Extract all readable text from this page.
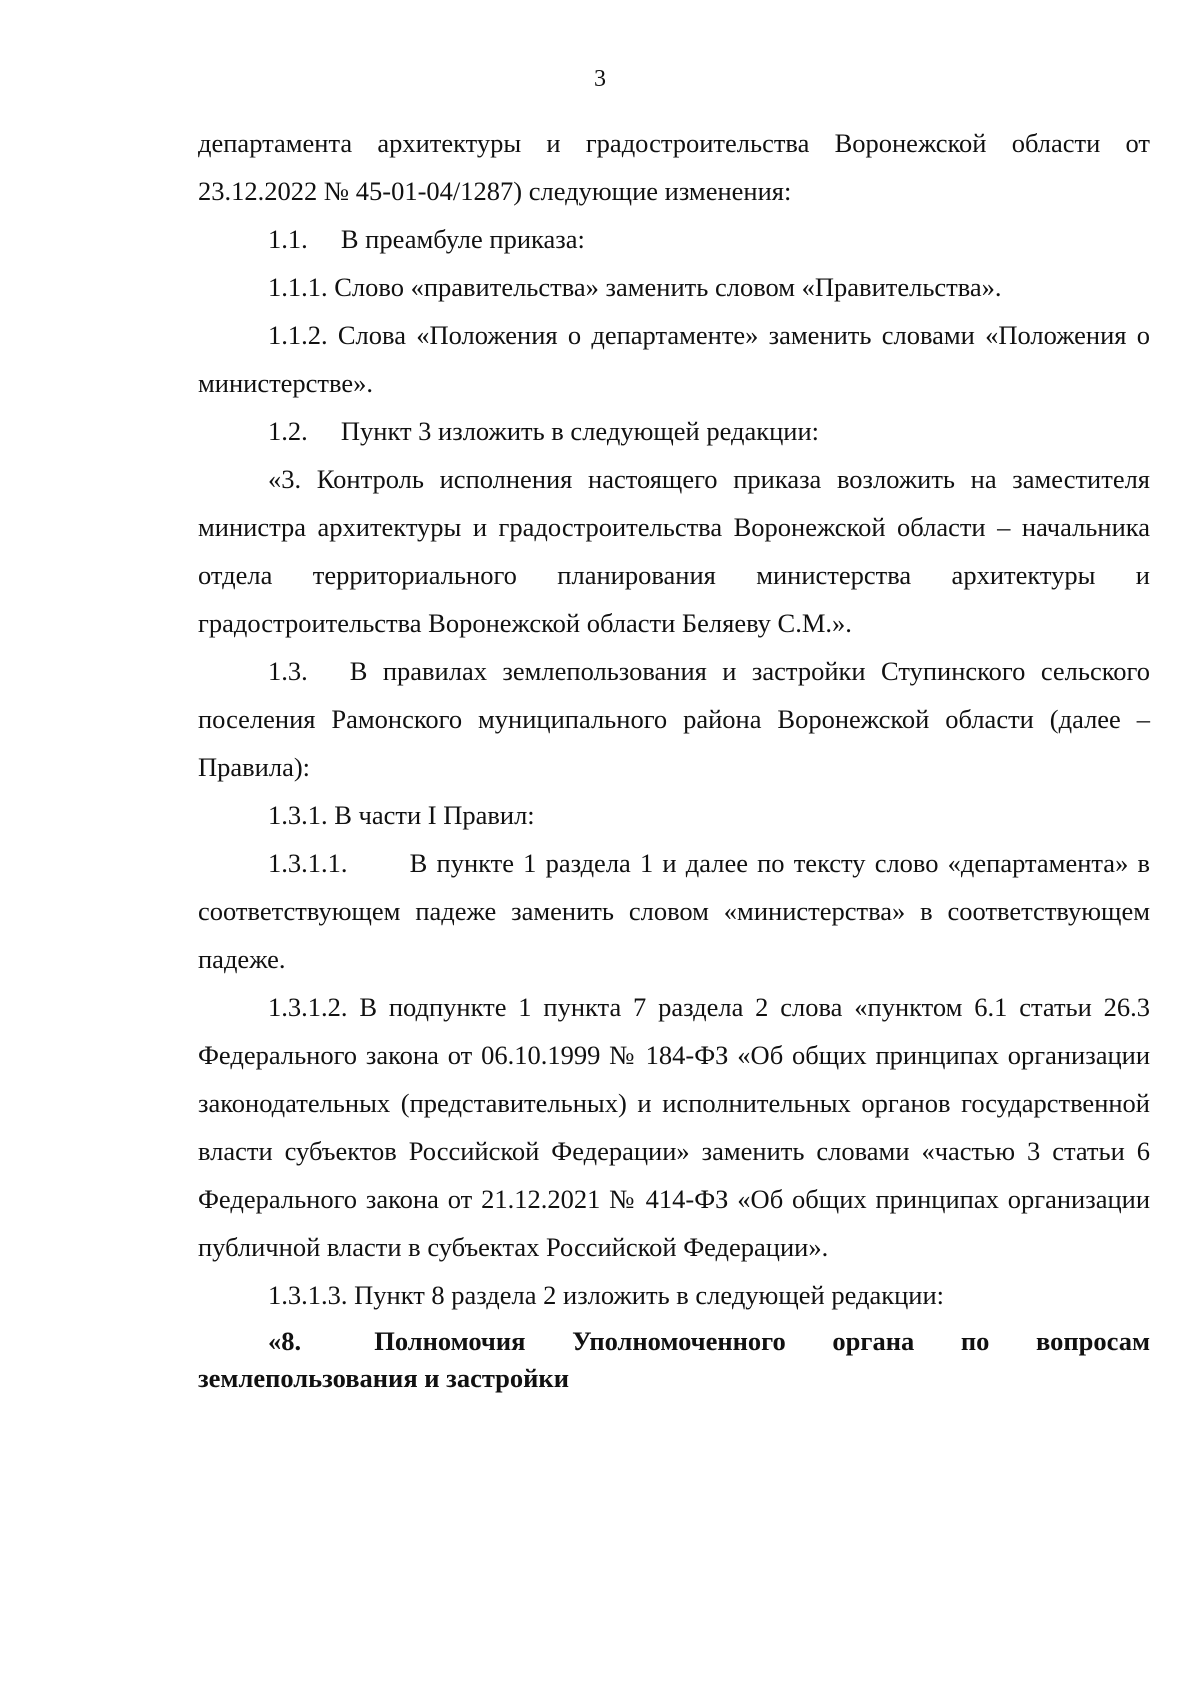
3

департамента архитектуры и градостроительства Воронежской области от 23.12.2022 № 45-01-04/1287) следующие изменения:

1.1.  В преамбуле приказа:

1.1.1. Слово «правительства» заменить словом «Правительства».

1.1.2. Слова «Положения о департаменте» заменить словами «Положения о министерстве».

1.2.  Пункт 3 изложить в следующей редакции:

«3. Контроль исполнения настоящего приказа возложить на заместителя министра архитектуры и градостроительства Воронежской области – начальника отдела территориального планирования министерства архитектуры и градостроительства Воронежской области Беляеву С.М.».

1.3.  В правилах землепользования и застройки Ступинского сельского поселения Рамонского муниципального района Воронежской области (далее – Правила):

1.3.1. В части I Правил:

1.3.1.1.   В пункте 1 раздела 1 и далее по тексту слово «департамента» в соответствующем падеже заменить словом «министерства» в соответствующем падеже.

1.3.1.2. В подпункте 1 пункта 7 раздела 2 слова «пунктом 6.1 статьи 26.3 Федерального закона от 06.10.1999 № 184-ФЗ «Об общих принципах организации законодательных (представительных) и исполнительных органов государственной власти субъектов Российской Федерации» заменить словами «частью 3 статьи 6 Федерального закона от 21.12.2021 № 414-ФЗ «Об общих принципах организации публичной власти в субъектах Российской Федерации».

1.3.1.3. Пункт 8 раздела 2 изложить в следующей редакции:

«8.  Полномочия Уполномоченного органа по вопросам землепользования и застройки
